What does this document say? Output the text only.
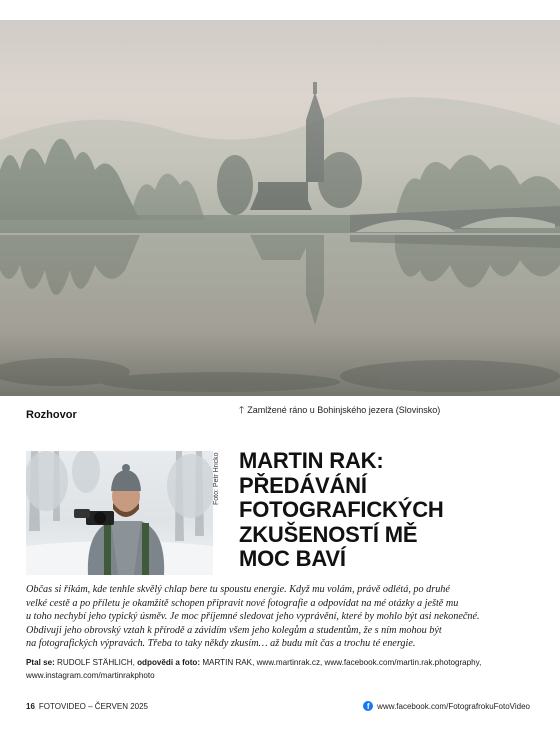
🡑 Zamlžené ráno u Bohinjského jezera (Slovinsko)
Rozhovor
Foto: Petr Hricko MARTIN RAK:
PŘEDÁVÁNÍ
FOTOGRAFICKÝCH
ZKUŠENOSTÍ MĚ
MOC BAVÍ
Občas si říkám, kde tenhle skvělý chlap bere tu spoustu energie. Když mu volám, právě odlétá, po druhé
velké cestě a po příletu je okamžitě schopen připravit nové fotografie a odpovídat na mé otázky a ještě mu
u toho nechybí jeho typický úsměv. Je moc příjemné sledovat jeho vyprávění, které by mohlo být asi nekonečné.
Obdivuji jeho obrovský vztah k přírodě a závidím všem jeho kolegům a studentům, že s ním mohou být
na fotografických výpravách. Třeba to taky někdy zkusím… až budu mít čas a trochu té energie.
Ptal se: RUDOLF STÄHLICH, odpovědi a foto: MARTIN RAK, www.martinrak.cz, www.facebook.com/martin.rak.photography,
www.instagram.com/martinrakphoto
16 FOTOVIDEO – ČERVEN 2025	f www.facebook.com/FotografrokuFotoVideo
